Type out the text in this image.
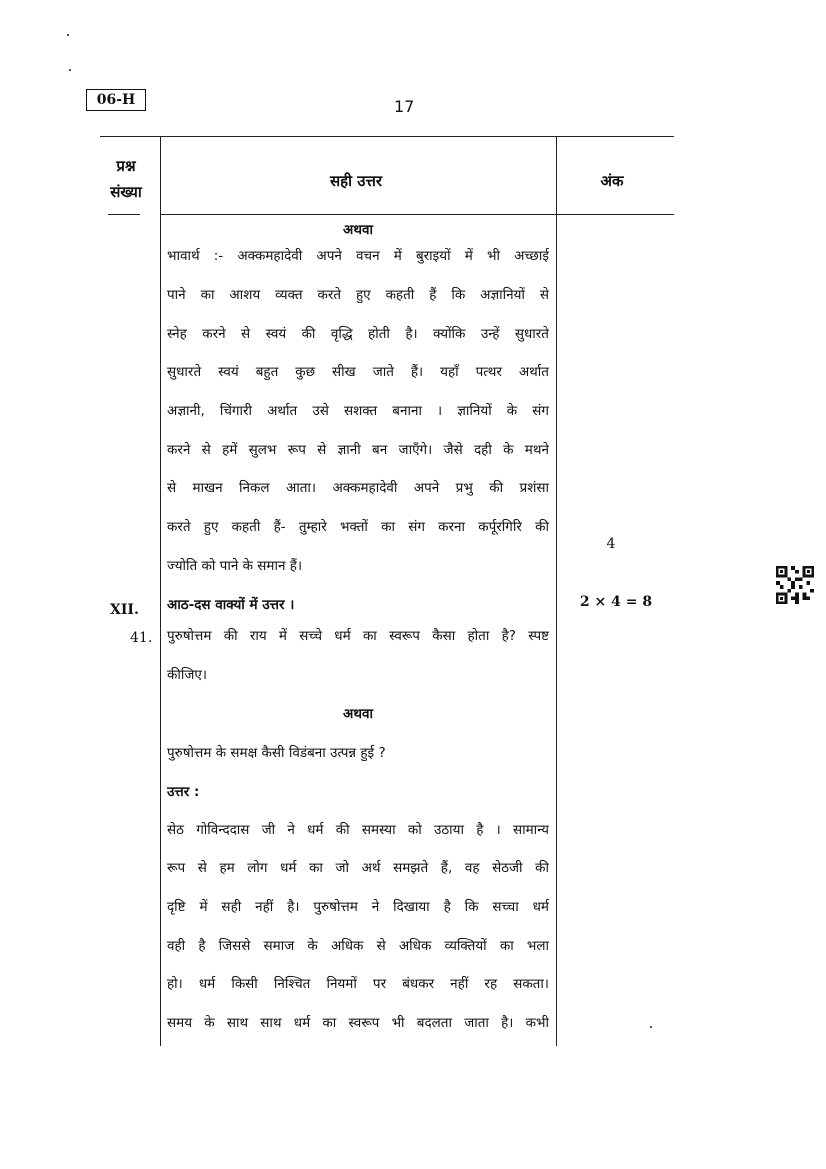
06-H	17
प्रश्न
संख्या
सही उत्तर	अंक
अथवा
भावार्थ :- अक्कमहादेवी अपने वचन में बुराइयों में भी अच्छाई
पाने का आशय व्यक्त करते हुए कहती हैं कि अज्ञानियों से
स्नेह करने से स्वयं की वृद्धि होती है। क्योंकि उन्हें सुधारते
सुधारते स्वयं बहुत कुछ सीख जाते हैं। यहाँ पत्थर अर्थात
अज्ञानी, चिंगारी अर्थात उसे सशक्त बनाना । ज्ञानियों के संग
करने से हमें सुलभ रूप से ज्ञानी बन जाएँगे। जैसे दही के मथने
से माखन निकल आता। अक्कमहादेवी अपने प्रभु की प्रशंसा
करते हुए कहती हैं- तुम्हारे भक्तों का संग करना कर्पूरगिरि की
ज्योति को पाने के समान हैं।
आठ-दस वाक्यों में उत्तर ।
पुरुषोत्तम की राय में सच्चे धर्म का स्वरूप कैसा होता है? स्पष्ट
कीजिए।
अथवा
पुरुषोत्तम के समक्ष कैसी विडंबना उत्पन्न हुई ?
उत्तर :
सेठ गोविन्ददास जी ने धर्म की समस्या को उठाया है । सामान्य
रूप से हम लोग धर्म का जो अर्थ समझते हैं, वह सेठजी की
दृष्टि में सही नहीं है। पुरुषोत्तम ने दिखाया है कि सच्चा धर्म
वही है जिससे समाज के अधिक से अधिक व्यक्तियों का भला
हो। धर्म किसी निश्चित नियमों पर बंधकर नहीं रह सकता।
समय के साथ साथ धर्म का स्वरूप भी बदलता जाता है। कभी
XII.
41.
4
2 × 4 = 8
